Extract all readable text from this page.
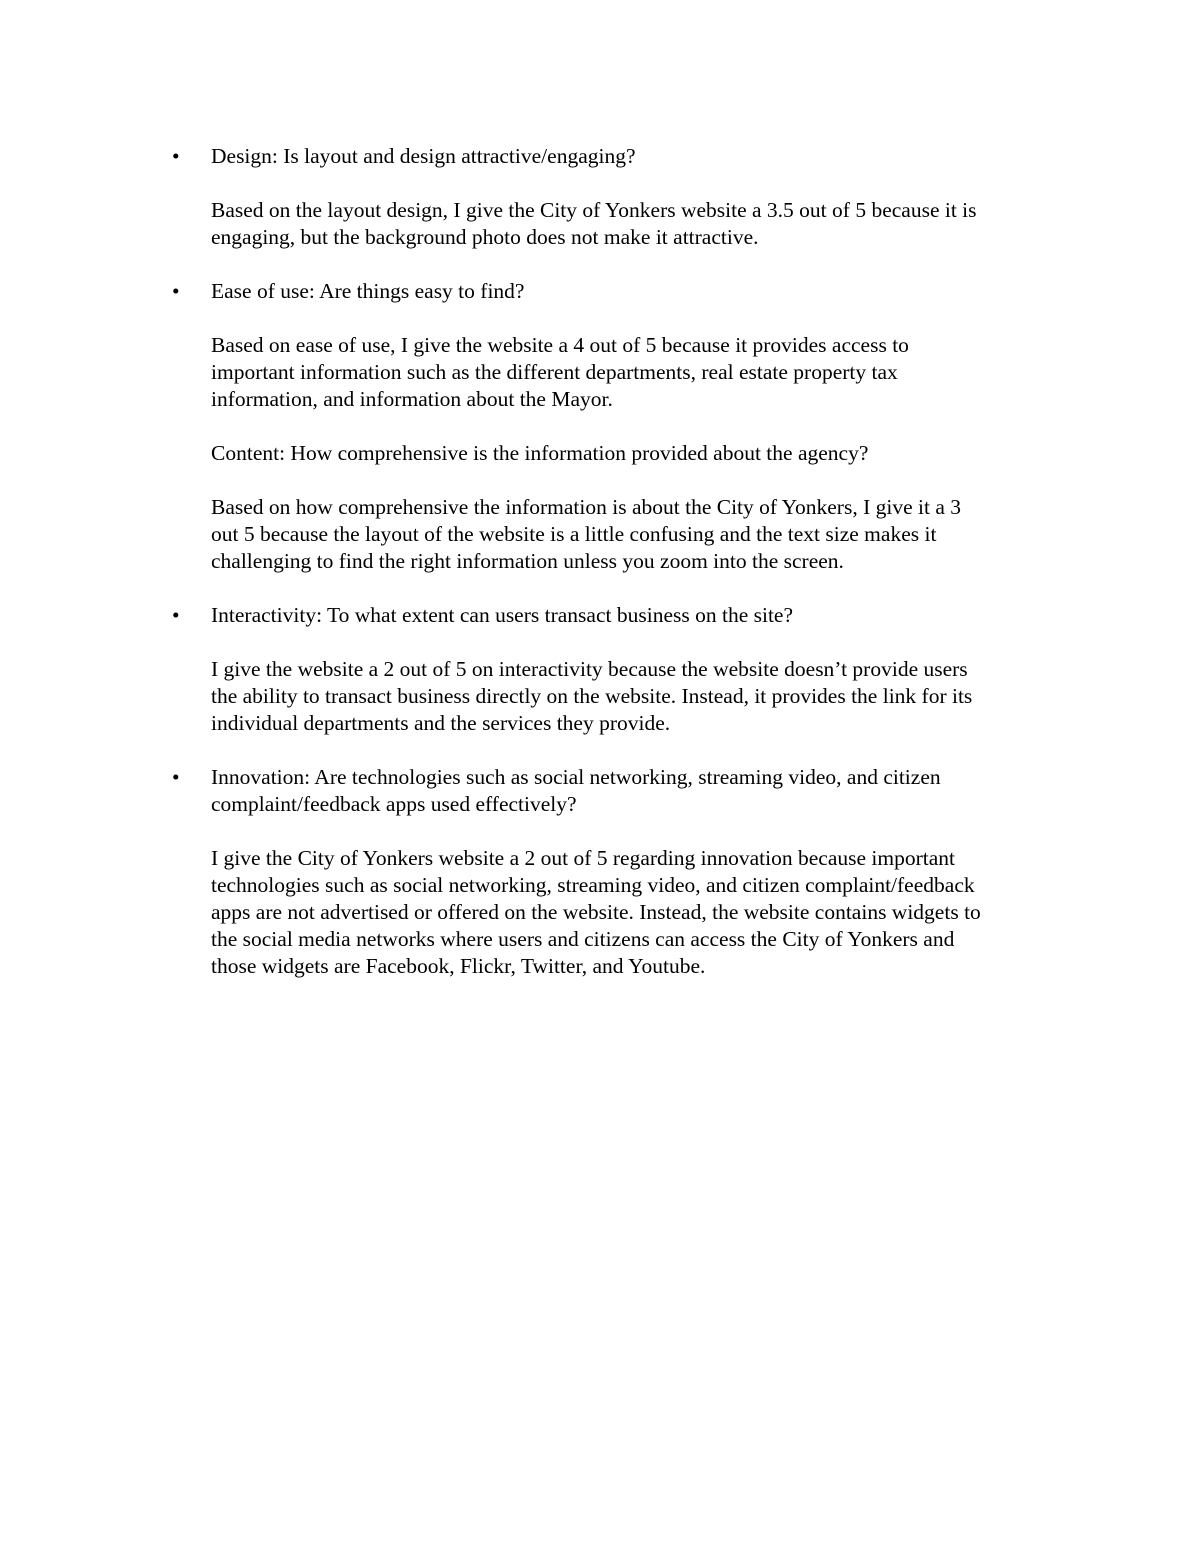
• Design: Is layout and design attractive/engaging?
Based on the layout design, I give the City of Yonkers website a 3.5 out of 5 because it is
engaging, but the background photo does not make it attractive.
• Ease of use: Are things easy to find?
Based on ease of use, I give the website a 4 out of 5 because it provides access to
important information such as the different departments, real estate property tax
information, and information about the Mayor.
Content: How comprehensive is the information provided about the agency?
Based on how comprehensive the information is about the City of Yonkers, I give it a 3
out 5 because the layout of the website is a little confusing and the text size makes it
challenging to find the right information unless you zoom into the screen.
• Interactivity: To what extent can users transact business on the site?
I give the website a 2 out of 5 on interactivity because the website doesn’t provide users
the ability to transact business directly on the website. Instead, it provides the link for its
individual departments and the services they provide.
• Innovation: Are technologies such as social networking, streaming video, and citizen
complaint/feedback apps used effectively?
I give the City of Yonkers website a 2 out of 5 regarding innovation because important
technologies such as social networking, streaming video, and citizen complaint/feedback
apps are not advertised or offered on the website. Instead, the website contains widgets to
the social media networks where users and citizens can access the City of Yonkers and
those widgets are Facebook, Flickr, Twitter, and Youtube.
